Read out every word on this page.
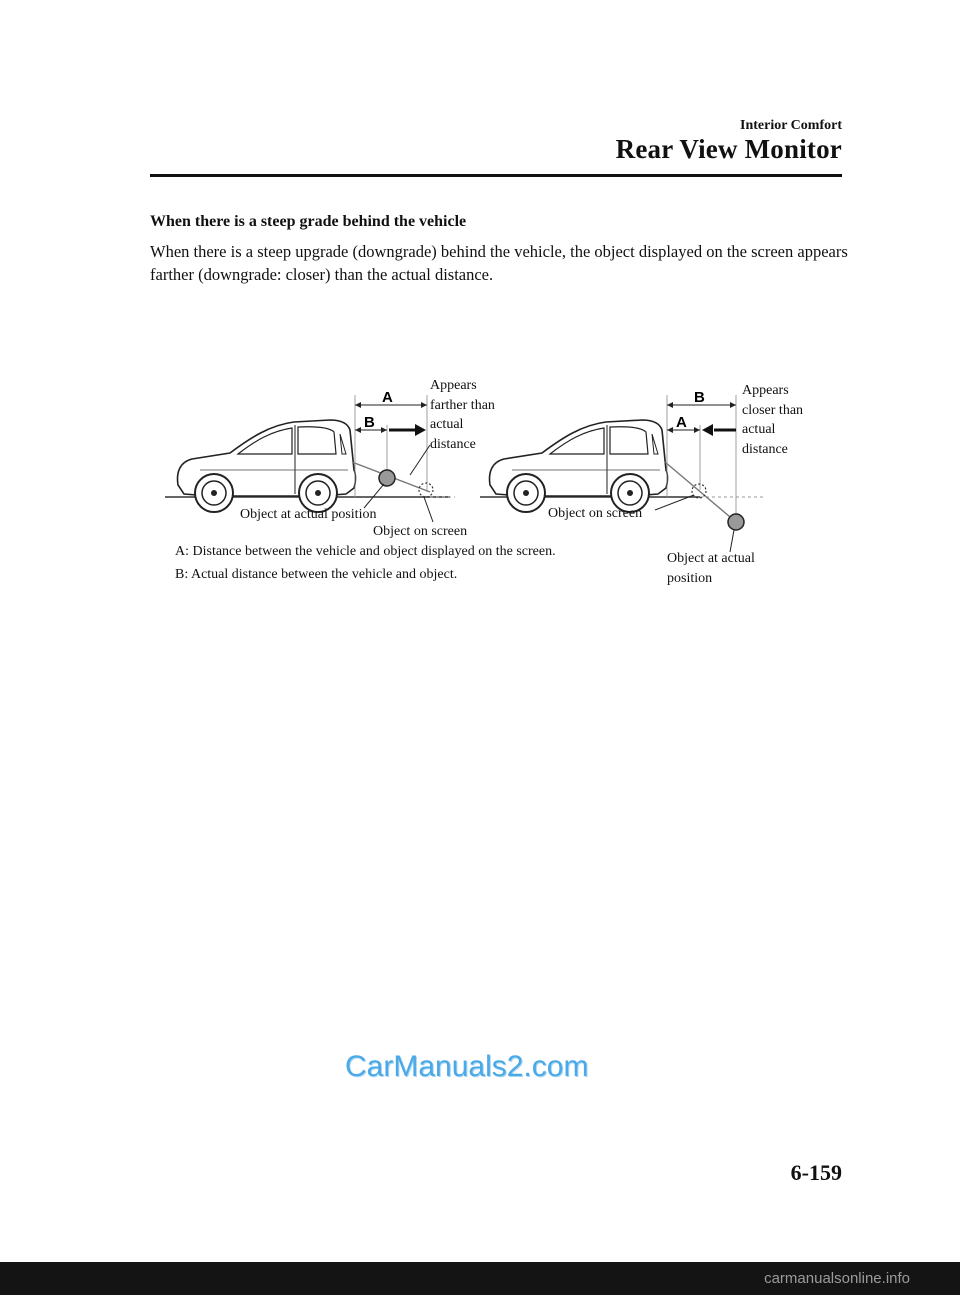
Interior Comfort
Rear View Monitor
When there is a steep grade behind the vehicle
When there is a steep upgrade (downgrade) behind the vehicle, the object displayed on the screen appears farther (downgrade: closer) than the actual distance.
A
B
B
A
Appears
farther than
actual
distance
Appears
closer than
actual
distance
Object at actual position
Object on screen
Object on screen
Object at actual
position
A: Distance between the vehicle and object displayed on the screen.
B: Actual distance between the vehicle and object.
CarManuals2.com
6-159
carmanualsonline.info
